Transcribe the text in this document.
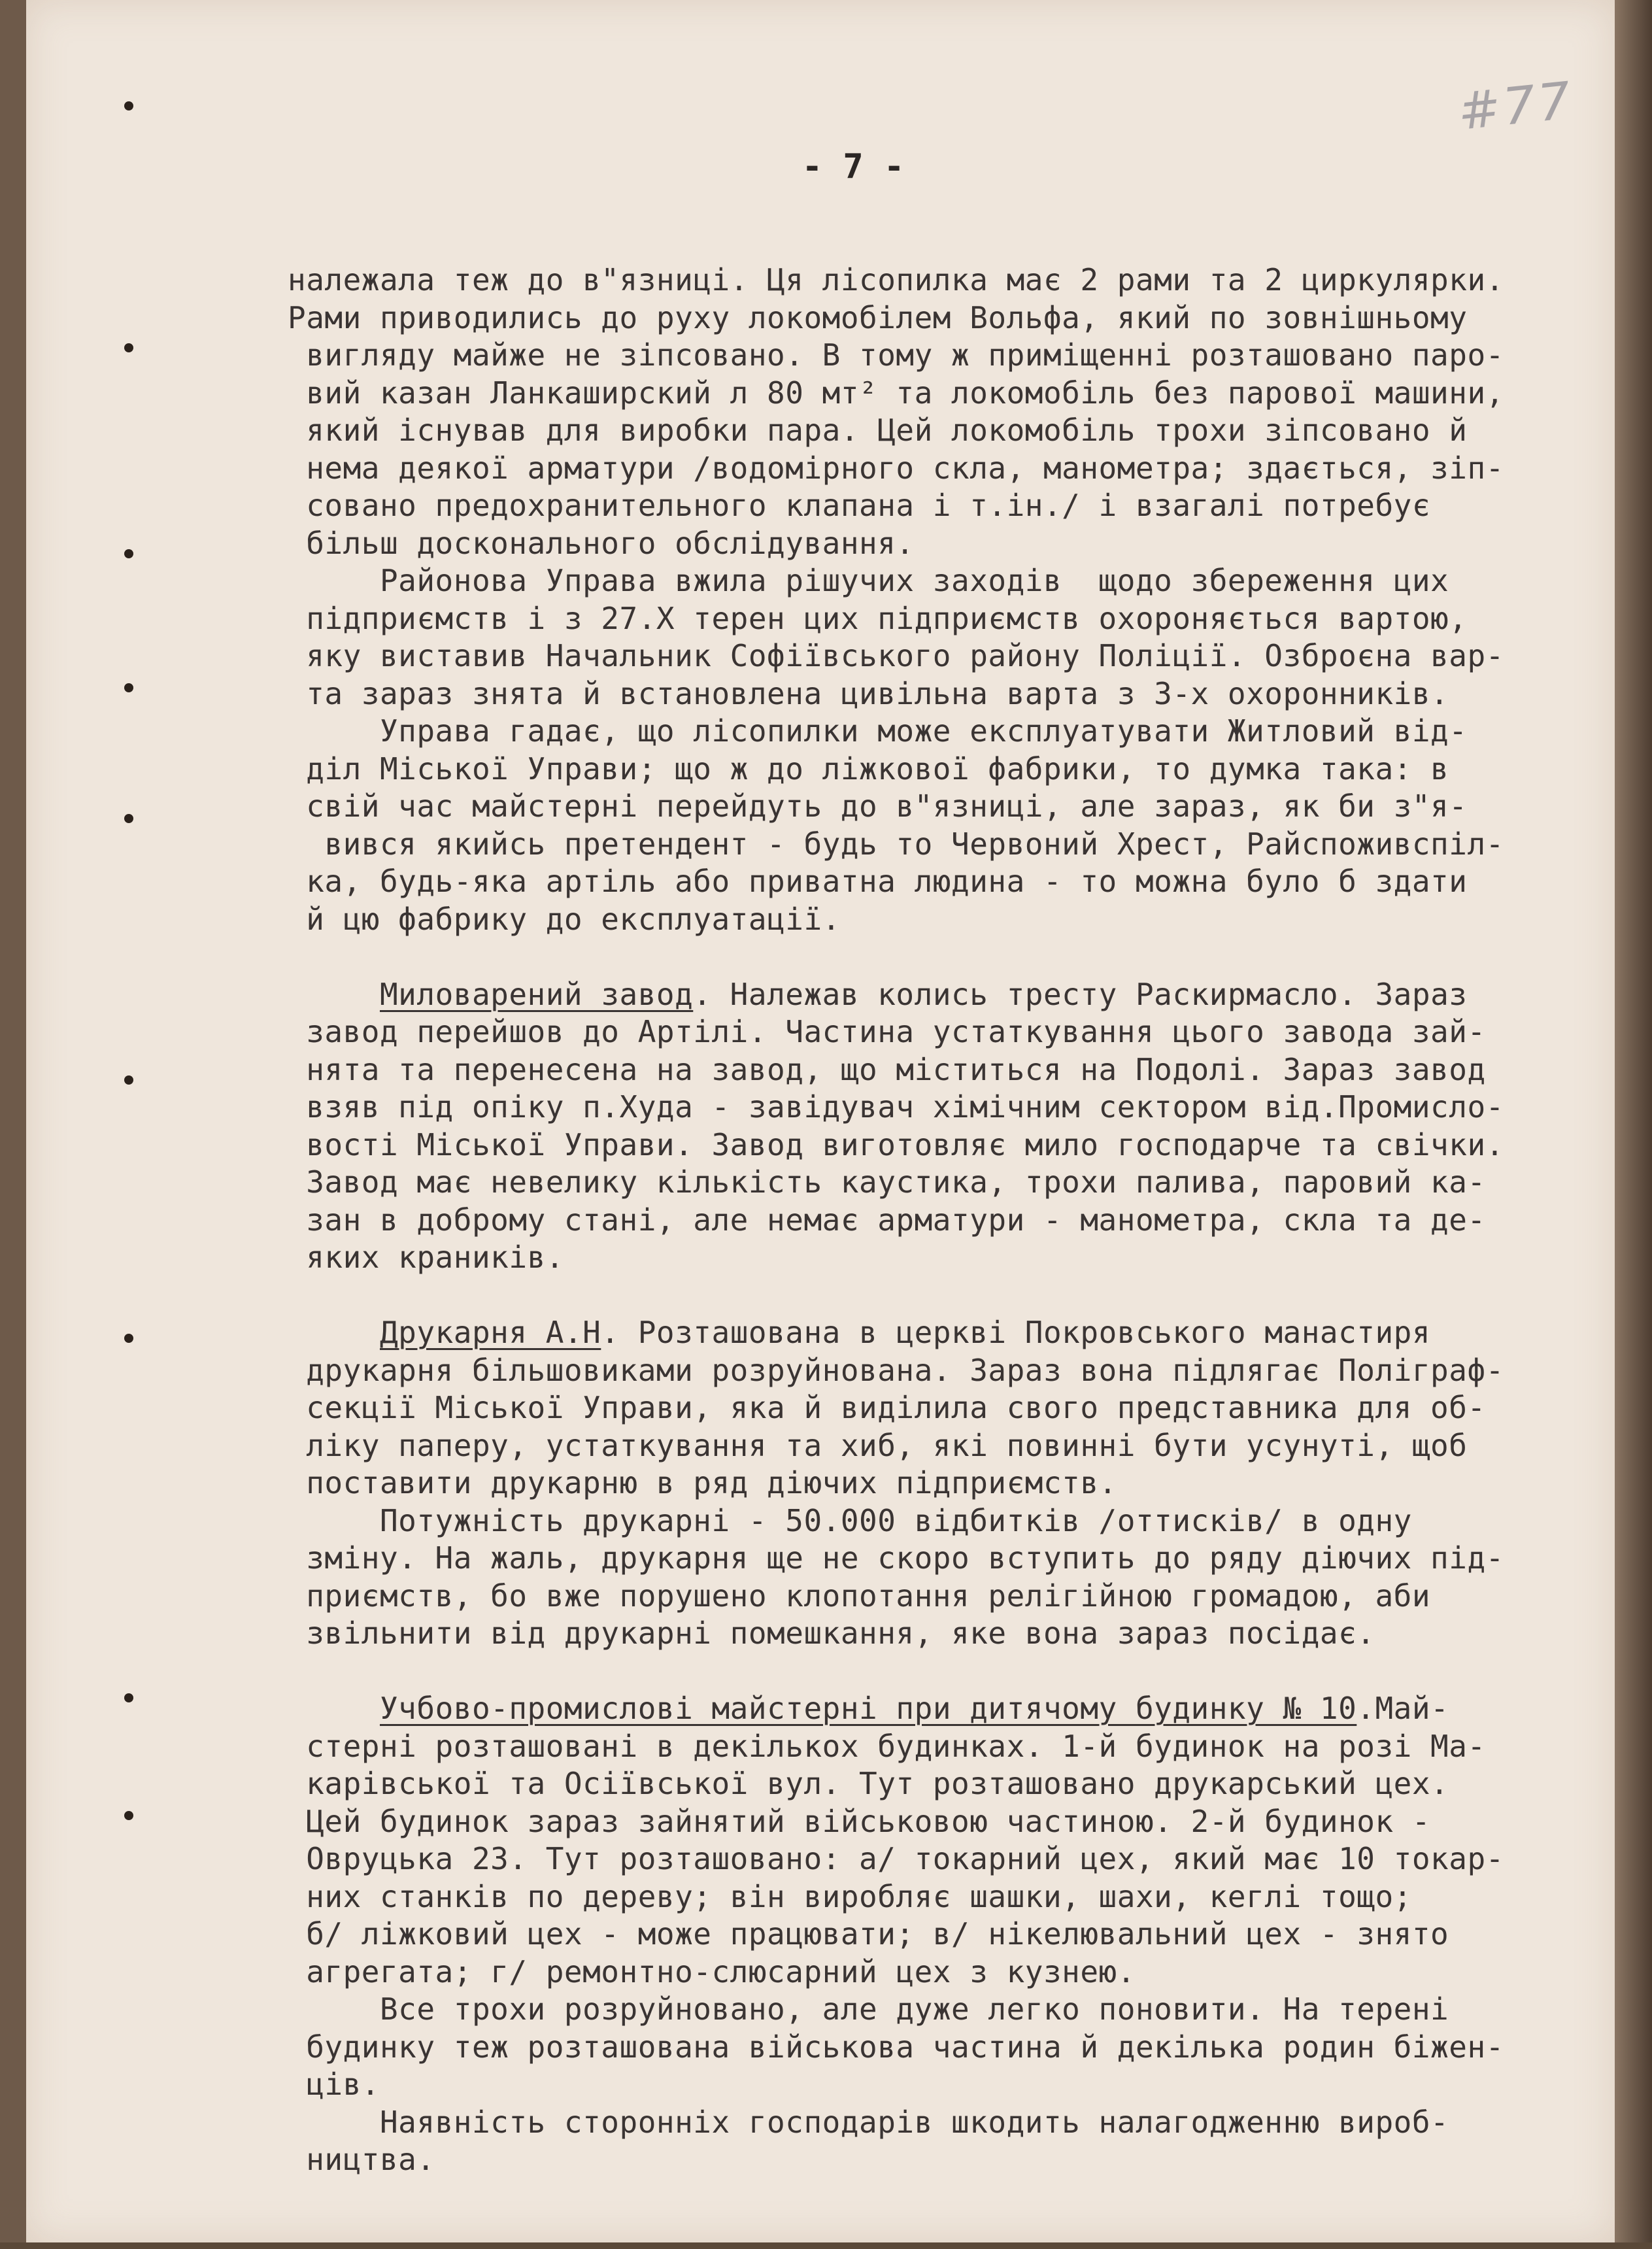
#77
- 7 -
належала теж до в"язниці. Ця лісопилка має 2 рами та 2 циркулярки.
Рами приводились до руху локомобілем Вольфа, який по зовнішньому
вигляду майже не зіпсовано. В тому ж приміщенні розташовано паро-
вий казан Ланкаширский л 80 мт² та локомобіль без парової машини,
який існував для виробки пара. Цей локомобіль трохи зіпсовано й
нема деякої арматури /водомірного скла, манометра; здається, зіп-
совано предохранительного клапана і т.ін./ і взагалі потребує
більш досконального обслідування.
Районова Управа вжила рішучих заходів  щодо збереження цих
підприємств і з 27.Х терен цих підприємств охороняється вартою,
яку виставив Начальник Софіївського району Поліції. Озброєна вар-
та зараз знята й встановлена цивільна варта з 3-х охоронників.
Управа гадає, що лісопилки може експлуатувати Житловий від-
діл Міської Управи; що ж до ліжкової фабрики, то думка така: в
свій час майстерні перейдуть до в"язниці, але зараз, як би з"я-
вився якийсь претендент - будь то Червоний Хрест, Райспоживспіл-
ка, будь-яка артіль або приватна людина - то можна було б здати
й цю фабрику до експлуатації.
Миловарений завод. Належав колись тресту Раскирмасло. Зараз
завод перейшов до Артілі. Частина устаткування цього завода зай-
нята та перенесена на завод, що міститься на Подолі. Зараз завод
взяв під опіку п.Худа - завідувач хімічним сектором від.Промисло-
вості Міської Управи. Завод виготовляє мило господарче та свічки.
Завод має невелику кількість каустика, трохи палива, паровий ка-
зан в доброму стані, але немає арматури - манометра, скла та де-
яких краників.
Друкарня А.Н. Розташована в церкві Покровського манастиря
друкарня більшовиками розруйнована. Зараз вона підлягає Поліграф-
секції Міської Управи, яка й виділила свого представника для об-
ліку паперу, устаткування та хиб, які повинні бути усунуті, щоб
поставити друкарню в ряд діючих підприємств.
Потужність друкарні - 50.000 відбитків /оттисків/ в одну
зміну. На жаль, друкарня ще не скоро вступить до ряду діючих під-
приємств, бо вже порушено клопотання релігійною громадою, аби
звільнити від друкарні помешкання, яке вона зараз посідає.
Учбово-промислові майстерні при дитячому будинку № 10.Май-
стерні розташовані в декількох будинках. 1-й будинок на розі Ма-
карівської та Осіївської вул. Тут розташовано друкарський цех.
Цей будинок зараз зайнятий військовою частиною. 2-й будинок -
Овруцька 23. Тут розташовано: а/ токарний цех, який має 10 токар-
них станків по дереву; він виробляє шашки, шахи, кеглі тощо;
б/ ліжковий цех - може працювати; в/ нікелювальний цех - знято
агрегата; г/ ремонтно-слюсарний цех з кузнею.
Все трохи розруйновано, але дуже легко поновити. На терені
будинку теж розташована військова частина й декілька родин біжен-
ців.
Наявність сторонніх господарів шкодить налагодженню вироб-
ництва.
